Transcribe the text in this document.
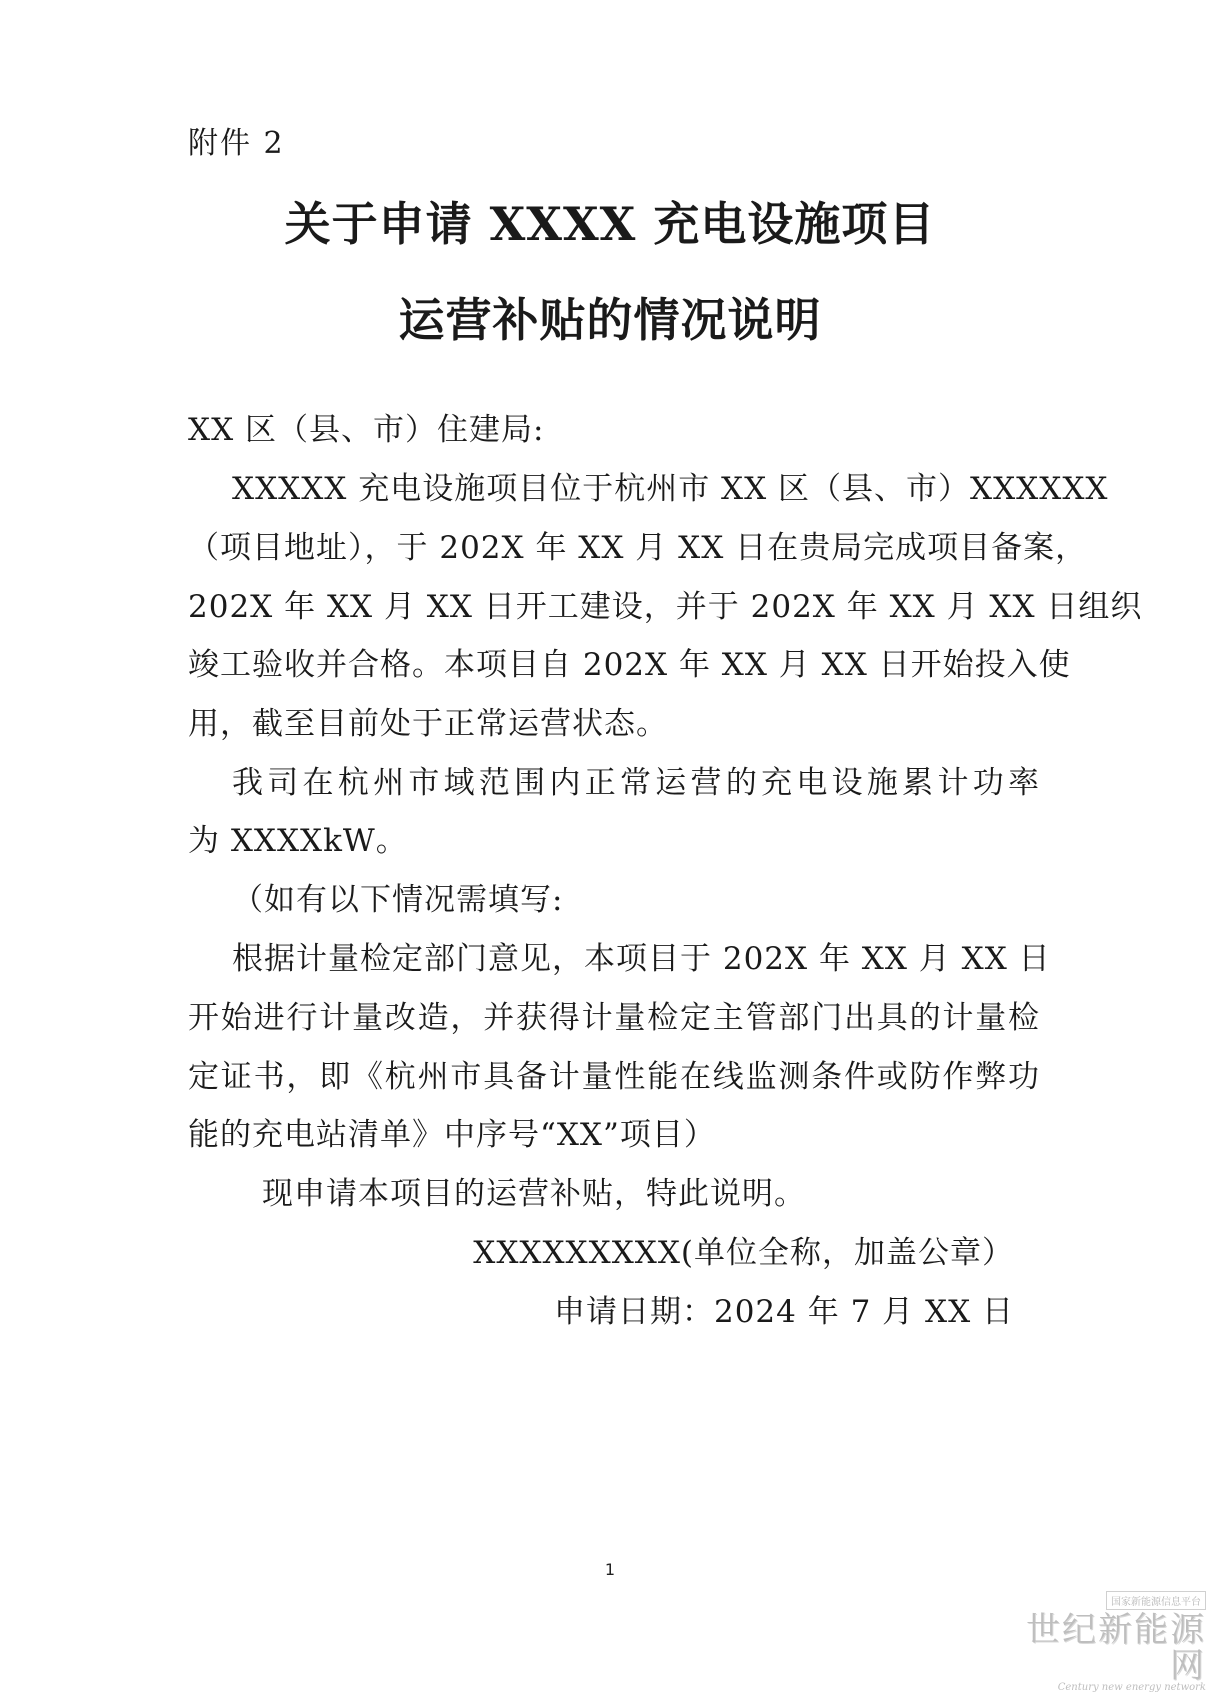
附件 2
关于申请 XXXX 充电设施项目
运营补贴的情况说明
XX 区（县、市）住建局:
XXXXX 充电设施项目位于杭州市 XX 区（县、市）XXXXXX
（项目地址），于 202X 年 XX 月 XX 日在贵局完成项目备案，
202X 年 XX 月 XX 日开工建设，并于 202X 年 XX 月 XX 日组织
竣工验收并合格。本项目自 202X 年 XX 月 XX 日开始投入使
用，截至目前处于正常运营状态。
我司在杭州市域范围内正常运营的充电设施累计功率
为 XXXXkW。
（如有以下情况需填写:
根据计量检定部门意见，本项目于 202X 年 XX 月 XX 日
开始进行计量改造，并获得计量检定主管部门出具的计量检
定证书，即《杭州市具备计量性能在线监测条件或防作弊功
能的充电站清单》中序号“XX”项目）
现申请本项目的运营补贴，特此说明。
XXXXXXXXX(单位全称，加盖公章）
申请日期：2024 年 7 月 XX 日
1
国家新能源信息平台
世纪新能源网
Century new energy network
